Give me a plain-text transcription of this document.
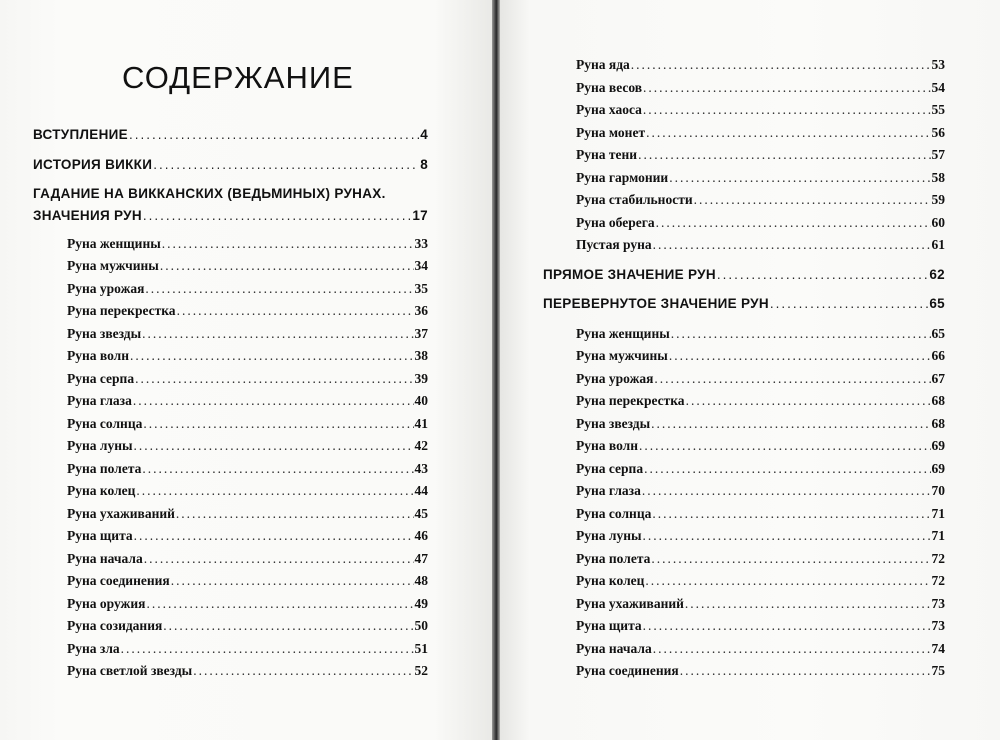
СОДЕРЖАНИЕ
ВСТУПЛЕНИЕ .....	4
ИСТОРИЯ ВИККИ .....	8
ГАДАНИЕ НА ВИККАНСКИХ (ВЕДЬМИНЫХ) РУНАХ.
ЗНАЧЕНИЯ РУН .....	17
Руна женщины .....	33
Руна мужчины .....	34
Руна урожая .....	35
Руна перекрестка .....	36
Руна звезды .....	37
Руна волн .....	38
Руна серпа .....	39
Руна глаза .....	40
Руна солнца .....	41
Руна луны .....	42
Руна полета .....	43
Руна колец .....	44
Руна ухаживаний .....	45
Руна щита .....	46
Руна начала .....	47
Руна соединения .....	48
Руна оружия .....	49
Руна созидания .....	50
Руна зла .....	51
Руна светлой звезды .....	52
Руна яда .....	53
Руна весов .....	54
Руна хаоса .....	55
Руна монет .....	56
Руна тени .....	57
Руна гармонии .....	58
Руна стабильности .....	59
Руна оберега .....	60
Пустая руна .....	61
ПРЯМОЕ ЗНАЧЕНИЕ РУН .....	62
ПЕРЕВЕРНУТОЕ ЗНАЧЕНИЕ РУН .....	65
Руна женщины .....	65
Руна мужчины .....	66
Руна урожая .....	67
Руна перекрестка .....	68
Руна звезды .....	68
Руна волн .....	69
Руна серпа .....	69
Руна глаза .....	70
Руна солнца .....	71
Руна луны .....	71
Руна полета .....	72
Руна колец .....	72
Руна ухаживаний .....	73
Руна щита .....	73
Руна начала .....	74
Руна соединения .....	75
